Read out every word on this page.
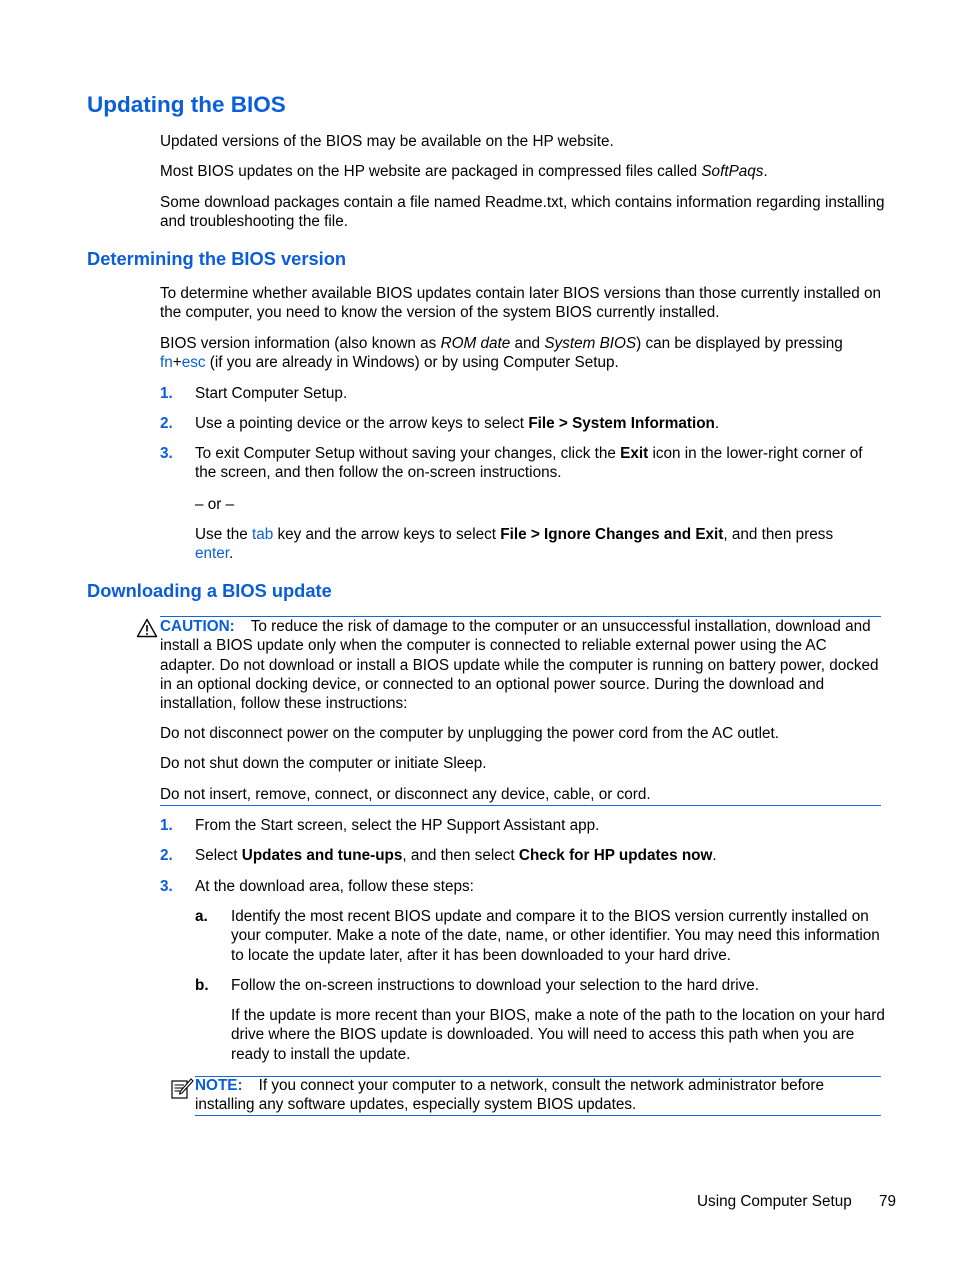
Updating the BIOS
Updated versions of the BIOS may be available on the HP website.
Most BIOS updates on the HP website are packaged in compressed files called SoftPaqs.
Some download packages contain a file named Readme.txt, which contains information regarding installing and troubleshooting the file.
Determining the BIOS version
To determine whether available BIOS updates contain later BIOS versions than those currently installed on the computer, you need to know the version of the system BIOS currently installed.
BIOS version information (also known as ROM date and System BIOS) can be displayed by pressing
fn+esc (if you are already in Windows) or by using Computer Setup.
1. Start Computer Setup.
2. Use a pointing device or the arrow keys to select File > System Information.
3. To exit Computer Setup without saving your changes, click the Exit icon in the lower-right corner of the screen, and then follow the on-screen instructions.
– or –
Use the tab key and the arrow keys to select File > Ignore Changes and Exit, and then press
enter.
Downloading a BIOS update
CAUTION: To reduce the risk of damage to the computer or an unsuccessful installation, download and install a BIOS update only when the computer is connected to reliable external power using the AC adapter. Do not download or install a BIOS update while the computer is running on battery power, docked in an optional docking device, or connected to an optional power source. During the download and installation, follow these instructions:
Do not disconnect power on the computer by unplugging the power cord from the AC outlet.
Do not shut down the computer or initiate Sleep.
Do not insert, remove, connect, or disconnect any device, cable, or cord.
1. From the Start screen, select the HP Support Assistant app.
2. Select Updates and tune-ups, and then select Check for HP updates now.
3. At the download area, follow these steps:
a. Identify the most recent BIOS update and compare it to the BIOS version currently installed on your computer. Make a note of the date, name, or other identifier. You may need this information to locate the update later, after it has been downloaded to your hard drive.
b. Follow the on-screen instructions to download your selection to the hard drive.
If the update is more recent than your BIOS, make a note of the path to the location on your hard drive where the BIOS update is downloaded. You will need to access this path when you are ready to install the update.
NOTE: If you connect your computer to a network, consult the network administrator before installing any software updates, especially system BIOS updates.
Using Computer Setup 79
